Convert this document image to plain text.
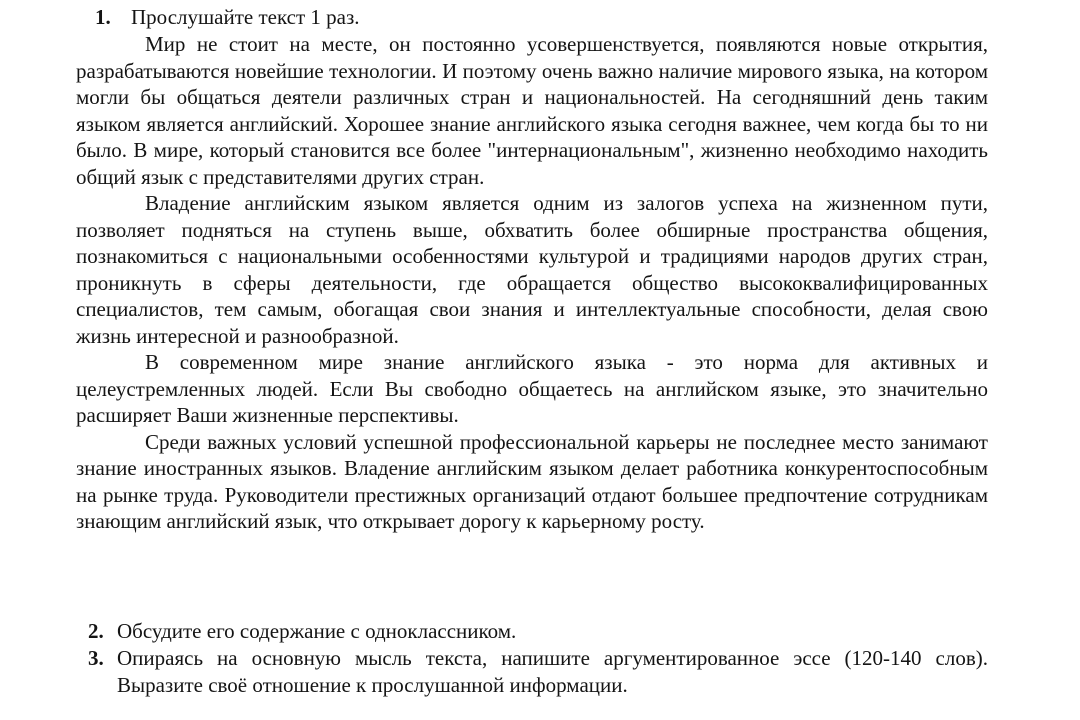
1. Прослушайте текст 1 раз.

Мир не стоит на месте, он постоянно усовершенствуется, появляются новые открытия, разрабатываются новейшие технологии. И поэтому очень важно наличие мирового языка, на котором могли бы общаться деятели различных стран и национальностей. На сегодняшний день таким языком является английский. Хорошее знание английского языка сегодня важнее, чем когда бы то ни было. В мире, который становится все более "интернациональным", жизненно необходимо находить общий язык с представителями других стран.

Владение английским языком является одним из залогов успеха на жизненном пути, позволяет подняться на ступень выше, обхватить более обширные пространства общения, познакомиться с национальными особенностями культурой и традициями народов других стран, проникнуть в сферы деятельности, где обращается общество высококвалифицированных специалистов, тем самым, обогащая свои знания и интеллектуальные способности, делая свою жизнь интересной и разнообразной.

В современном мире знание английского языка - это норма для активных и целеустремленных людей. Если Вы свободно общаетесь на английском языке, это значительно расширяет Ваши жизненные перспективы.

Среди важных условий успешной профессиональной карьеры не последнее место занимают знание иностранных языков. Владение английским языком делает работника конкурентоспособным на рынке труда. Руководители престижных организаций отдают большее предпочтение сотрудникам знающим английский язык, что открывает дорогу к карьерному росту.

2. Обсудите его содержание с одноклассником.
3. Опираясь на основную мысль текста, напишите аргументированное эссе (120-140 слов). Выразите своё отношение к прослушанной информации.
